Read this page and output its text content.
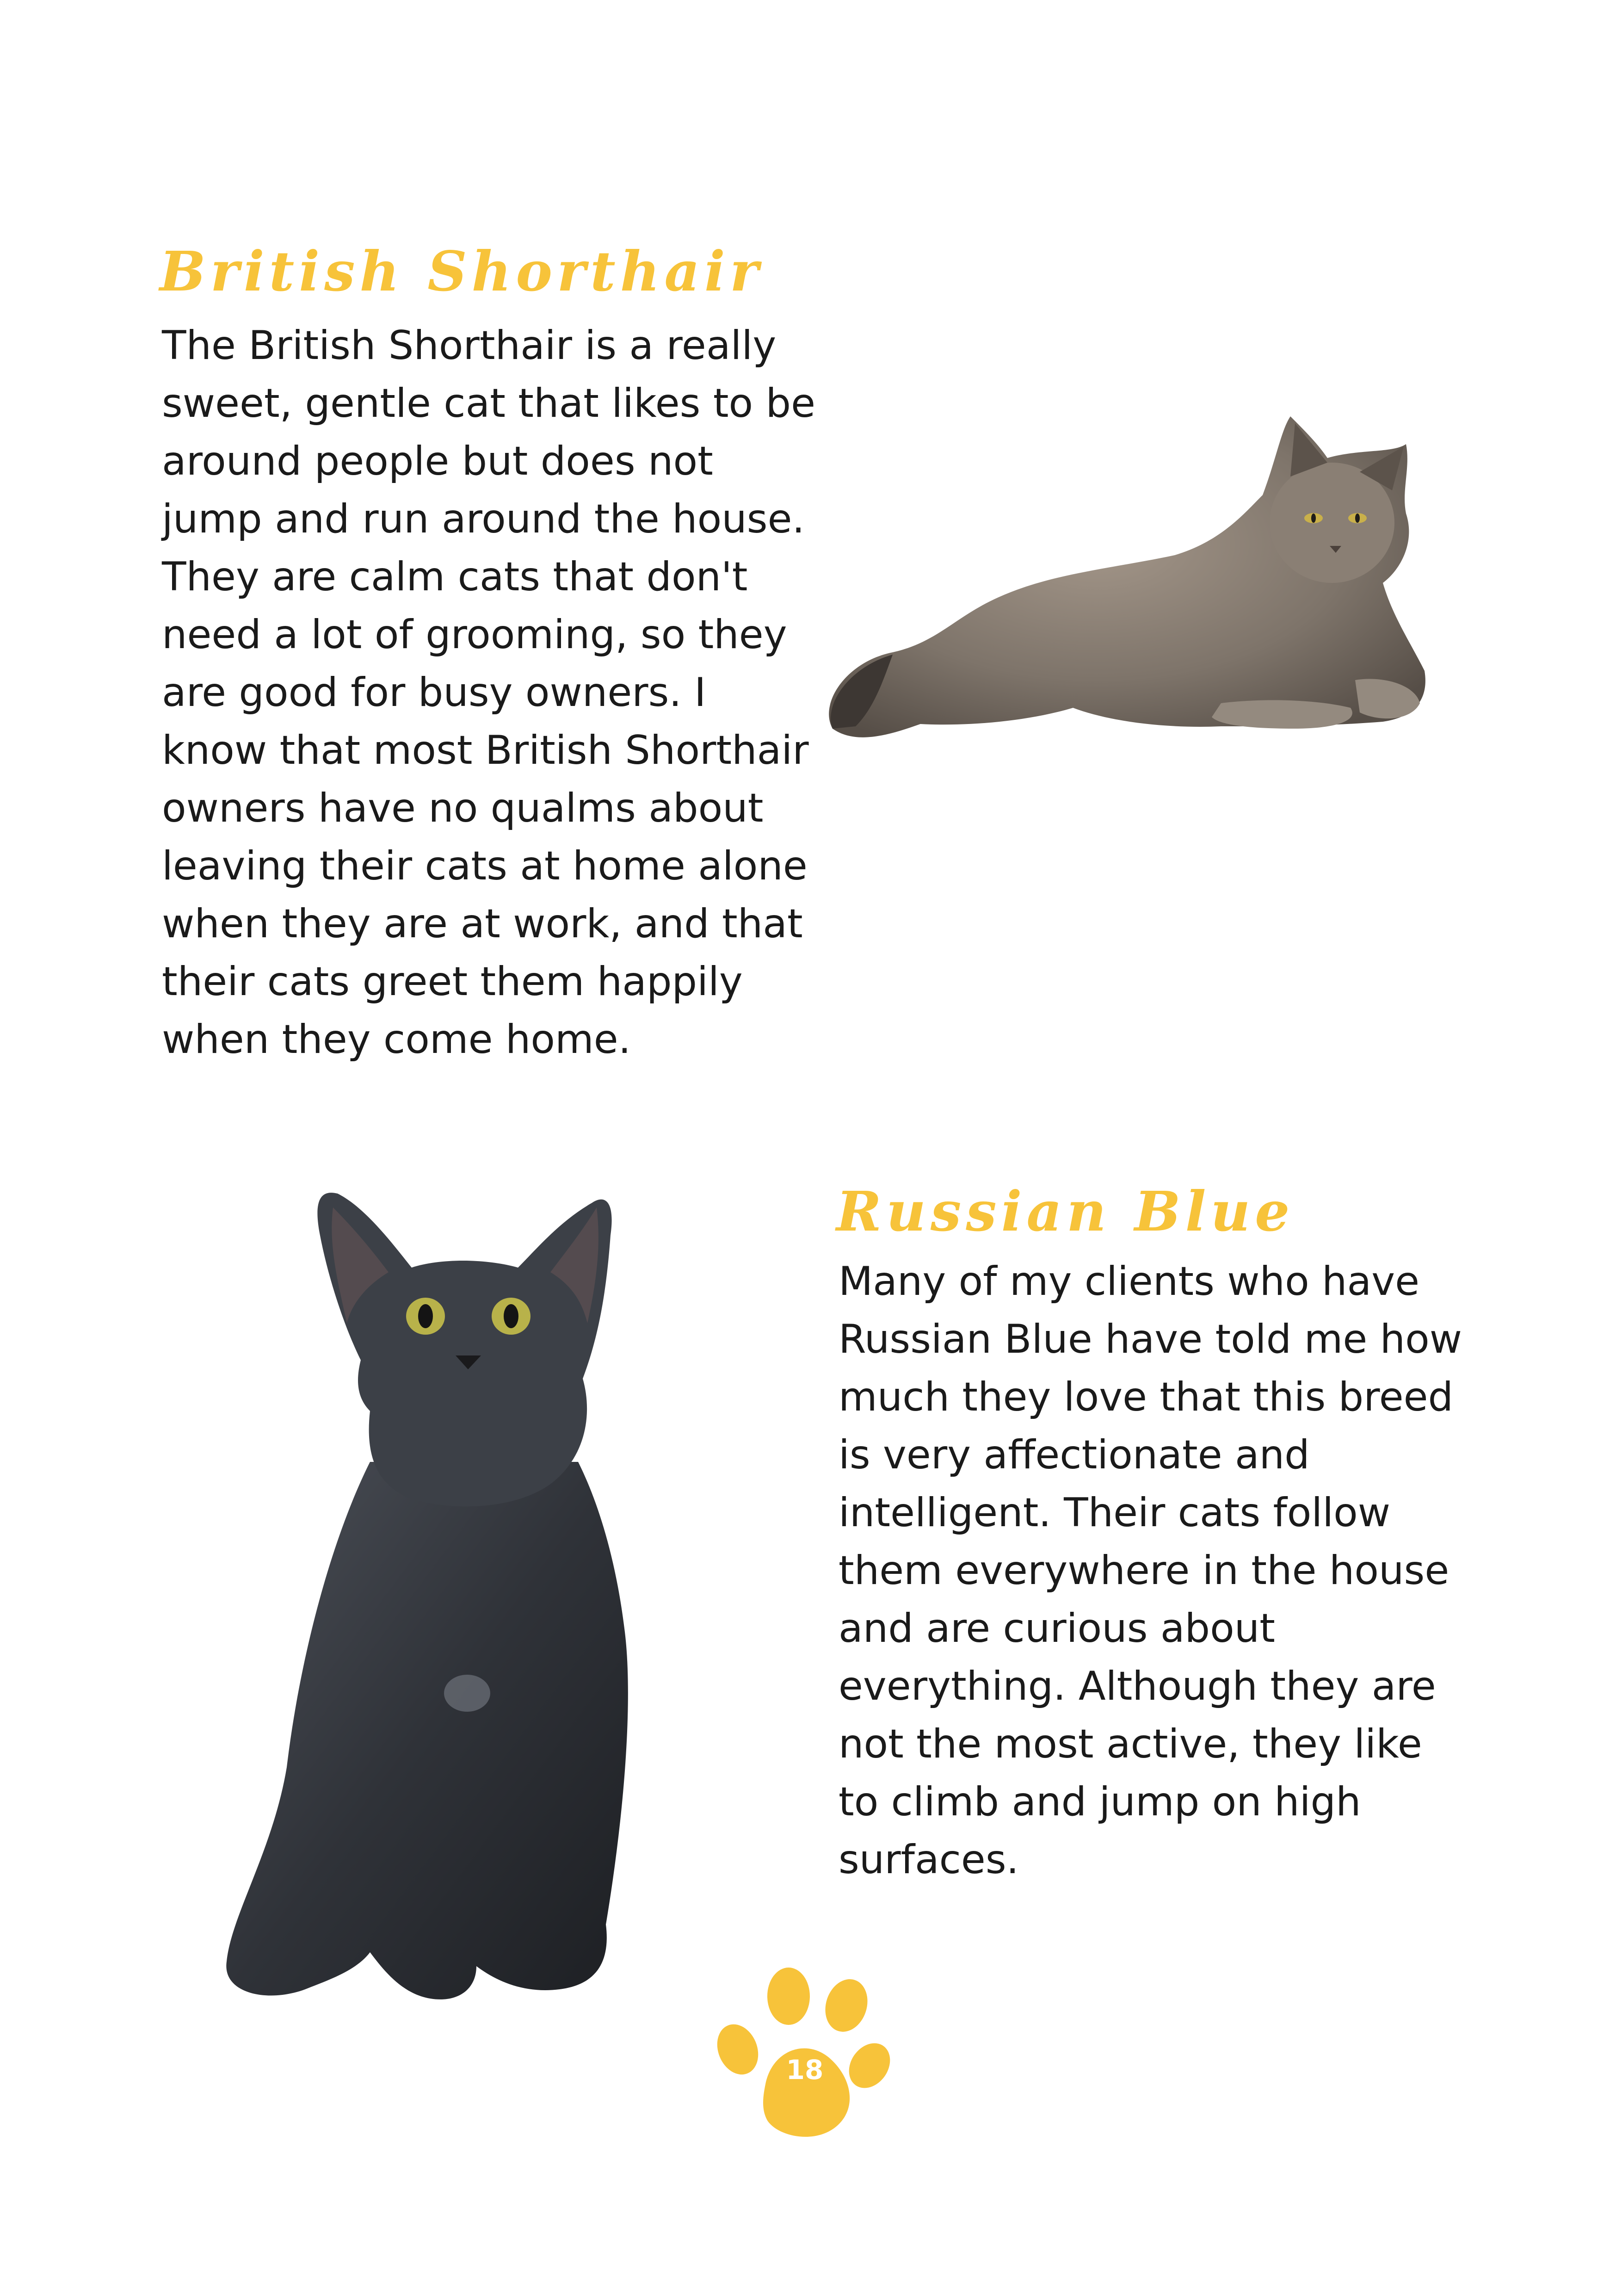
British Shorthair

The British Shorthair is a really sweet, gentle cat that likes to be around people but does not jump and run around the house. They are calm cats that don't need a lot of grooming, so they are good for busy owners. I know that most British Shorthair owners have no qualms about leaving their cats at home alone when they are at work, and that their cats greet them happily when they come home.

Russian Blue

Many of my clients who have Russian Blue have told me how much they love that this breed is very affectionate and intelligent. Their cats follow them everywhere in the house and are curious about everything. Although they are not the most active, they like to climb and jump on high surfaces.

18
